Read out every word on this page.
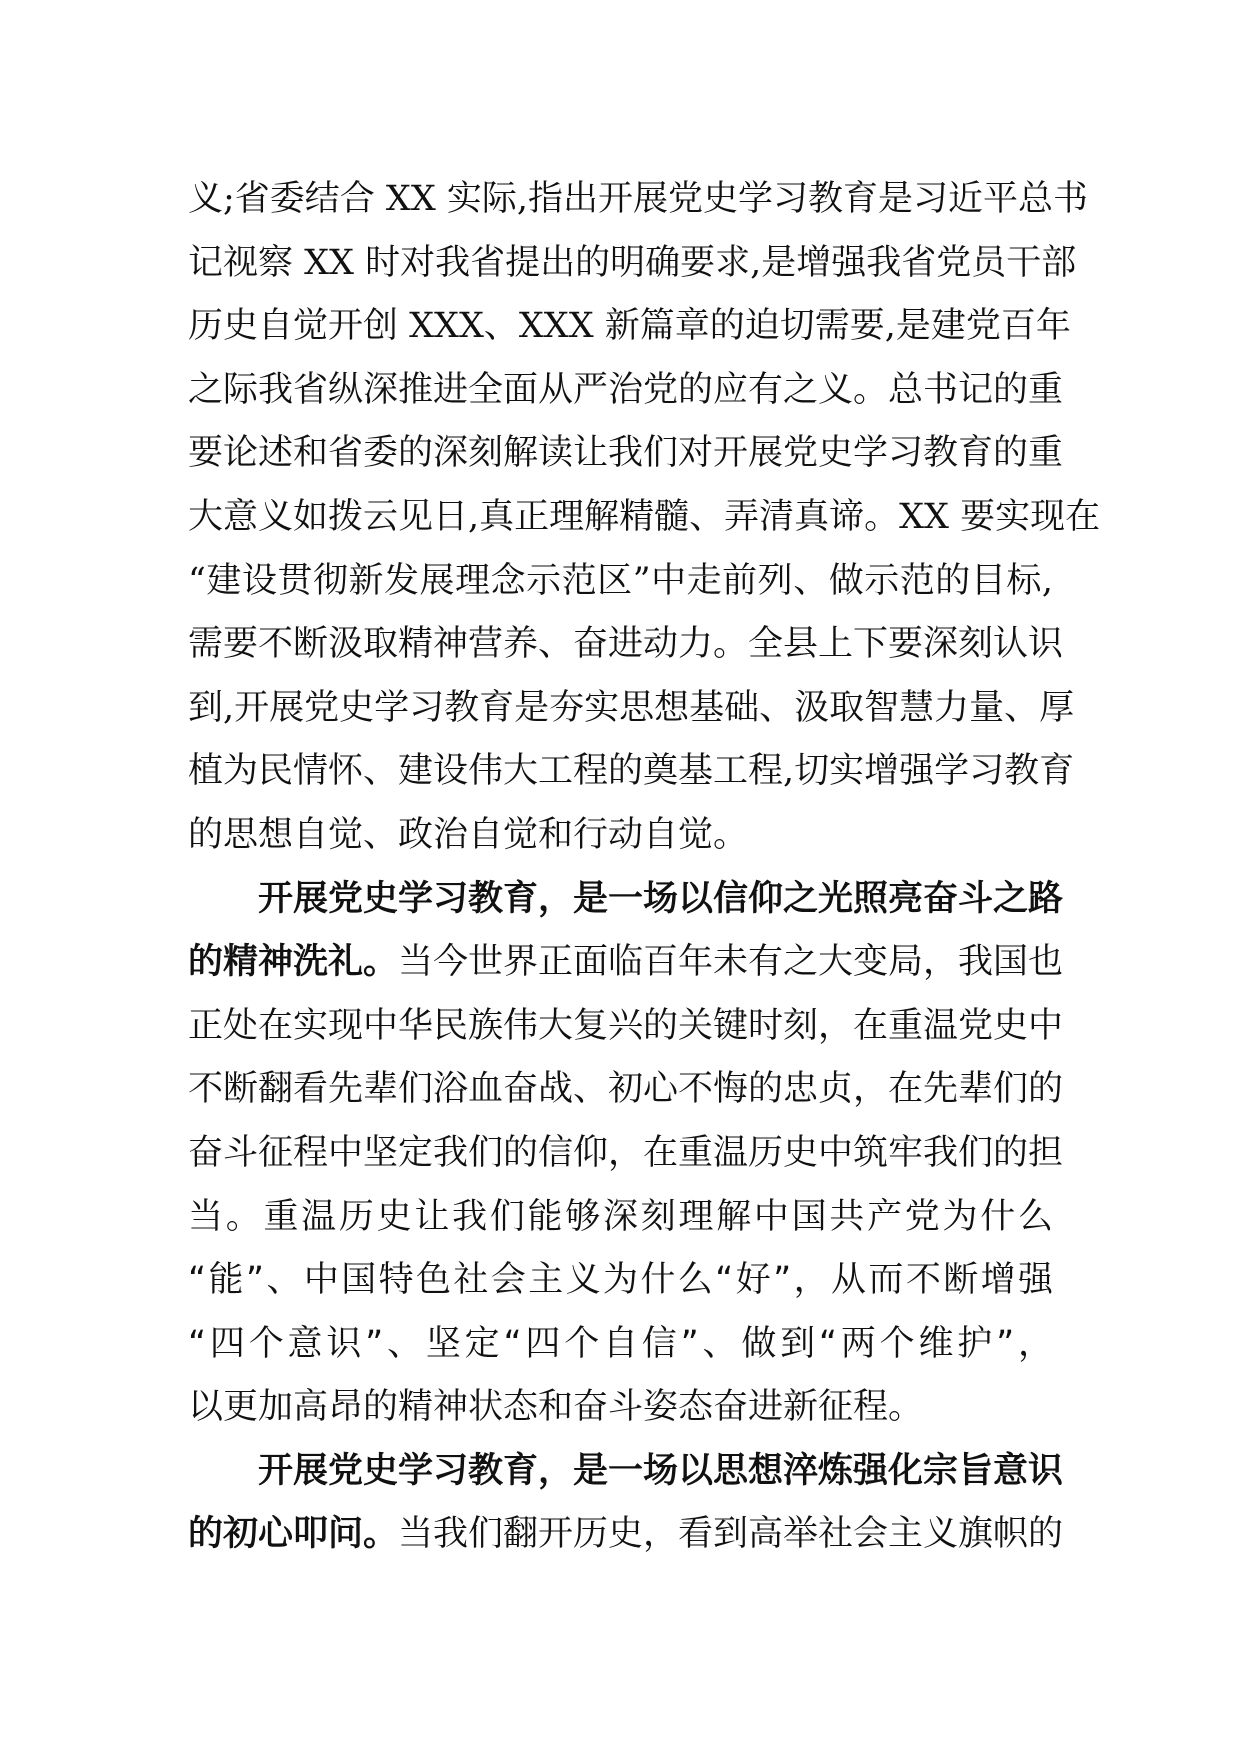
义;省委结合 XX 实际,指出开展党史学习教育是习近平总书
记视察 XX 时对我省提出的明确要求,是增强我省党员干部
历史自觉开创 XXX、XXX 新篇章的迫切需要,是建党百年
之际我省纵深推进全面从严治党的应有之义。总书记的重
要论述和省委的深刻解读让我们对开展党史学习教育的重
大意义如拨云见日,真正理解精髓、弄清真谛。XX 要实现在
“建设贯彻新发展理念示范区”中走前列、做示范的目标,
需要不断汲取精神营养、奋进动力。全县上下要深刻认识
到,开展党史学习教育是夯实思想基础、汲取智慧力量、厚
植为民情怀、建设伟大工程的奠基工程,切实增强学习教育
的思想自觉、政治自觉和行动自觉。
开展党史学习教育，是一场以信仰之光照亮奋斗之路
的精神洗礼。当今世界正面临百年未有之大变局，我国也
正处在实现中华民族伟大复兴的关键时刻，在重温党史中
不断翻看先辈们浴血奋战、初心不悔的忠贞，在先辈们的
奋斗征程中坚定我们的信仰，在重温历史中筑牢我们的担
当。重温历史让我们能够深刻理解中国共产党为什么
“能”、中国特色社会主义为什么“好”，从而不断增强
“四个意识”、坚定“四个自信”、做到“两个维护”，
以更加高昂的精神状态和奋斗姿态奋进新征程。
开展党史学习教育，是一场以思想淬炼强化宗旨意识
的初心叩问。当我们翻开历史，看到高举社会主义旗帜的
